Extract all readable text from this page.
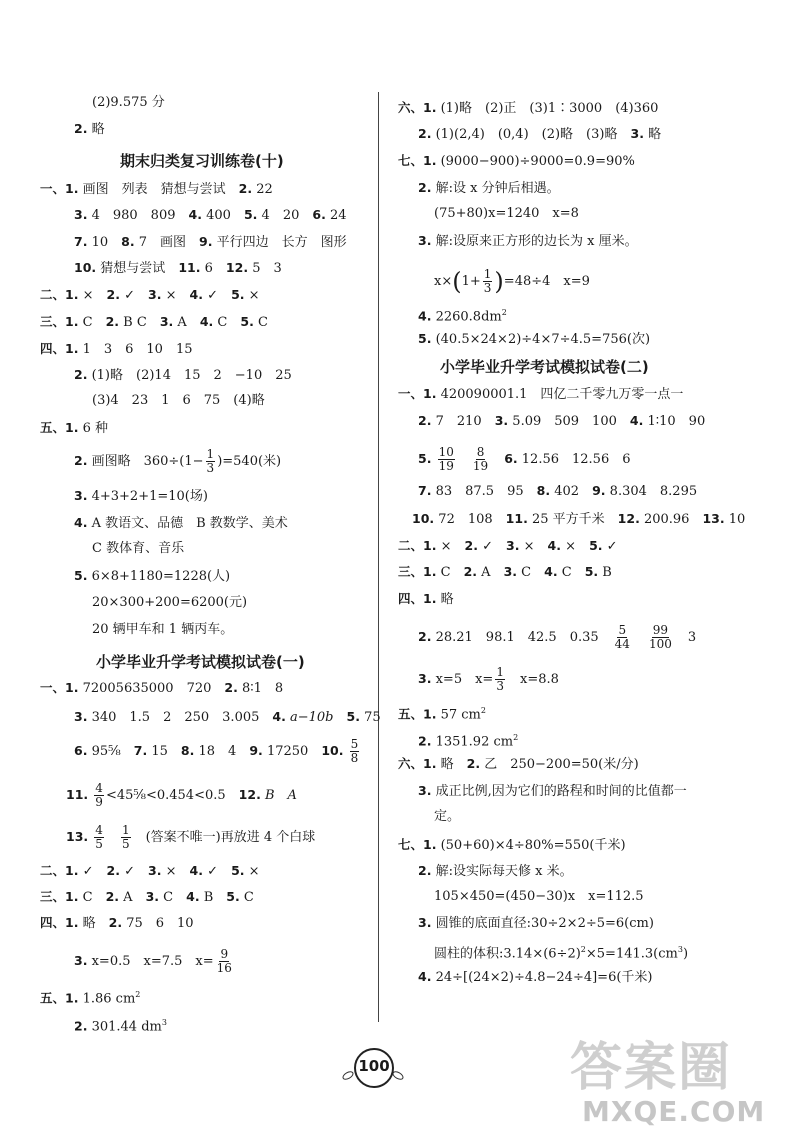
(2)9.575 分
2. 略
期末归类复习训练卷(十)
一、1. 画图　列表　猜想与尝试　 2. 22
3. 4　980　809　 4. 400　 5. 4　20　 6. 24
7. 10　 8. 7　画图　 9. 平行四边　长方　图形
10. 猜想与尝试　 11. 6　 12. 5　3
二、1. ×　 2. ✓　 3. ×　 4. ✓　 5. ×
三、1. C　 2. B C　 3. A　 4. C　 5. C
四、1. 1　3　6　10　15
2. (1)略　(2)14　15　2　−10　25
(3)4　23　1　6　75　(4)略
五、1. 6 种
2. 画图略　$360\div(1- \frac{1}{3} )=540$(米)
3. 4+3+2+1=10(场)
4. A 教语文、品德　B 教数学、美术
C 教体育、音乐
5. 6×8+1180=1228(人)
20×300+200=6200(元)
20 辆甲车和 1 辆丙车。
小学毕业升学考试模拟试卷(一)
一、1. 72005635000　720　 2. 8∶1　8
3. 340　1.5　2　250　3.005　 4. a−10b　 5. 75
6. 95⅝　 7. 15　 8. 18　4　 9. 17250　 10. $\frac{5}{8}$
11. $\frac{4}{9}$ <45⅝<0.454<0.5　 12. B　A
13. $\frac{4}{5}$
　 $\frac{1}{5}$
　 (答案不唯一)再放进 4 个白球
二、1. ✓　 2. ✓　 3. ×　 4. ✓　 5. ×
三、1. C　 2. A　 3. C　 4. B　 5. C
四、1. 略　 2. 75　6　10
3. x=0.5　x=7.5　$x= \frac{9}{16}$
五、1. 1.86 $cm^2$
2. 301.44 $dm^3$
六、1. (1)略　(2)正　(3)1∶3000　(4)360
2. (1)(2,4)　(0,4)　(2)略　(3)略　 3. 略
七、1. (9000−900)÷9000=0.9=90%
2. 解:设 x 分钟后相遇。
(75+80)x=1240　x=8
3. 解:设原来正方形的边长为 x 厘米。
$x\times(1+ \frac{1}{3} )=48\div 4$　x=9
4. $2260.8dm^2$
5. (40.5×24×2)÷4×7÷4.5=756(次)
小学毕业升学考试模拟试卷(二)
一、1. 420090001.1　四亿二千零九万零一点一
2. 7　210　 3. 5.09　509　100　 4. 1∶10　90
5. $\frac{10}{19}$
　 $\frac{8}{19}$
　 6. 12.56　12.56　6
7. 83　87.5　95　 8. 402　 9. 8.304　8.295
10. 72　108　 11. 25 平方千米　 12. 200.96　 13. 10
二、1. ×　 2. ✓　 3. ×　 4. ×　 5. ✓
三、1. C　 2. A　 3. C　 4. C　 5. B
四、1. 略
2. 28.21　98.1　42.5　0.35　 $\frac{5}{44}$
　 $\frac{99}{100}$
　 3
3. x=5　$x= \frac{1}{3}$
　 x=8.8
五、1. 57 $cm^2$
2. 1351.92 $cm^2$
六、1. 略　 2. 乙　250−200=50(米/分)
3. 成正比例,因为它们的路程和时间的比值都一
定。
七、1. (50+60)×4÷80%=550(千米)
2. 解:设实际每天修 x 米。
105×450=(450−30)x　x=112.5
3. 圆锥的底面直径:30÷2×2÷5=6(cm)
圆柱的体积$:3.14\times(6\div 2)^2\times 5=141.3(cm^3)$
4. 24÷[(24×2)÷4.8−24÷4]=6(千米)
100	答案圈
MXQE.COM
